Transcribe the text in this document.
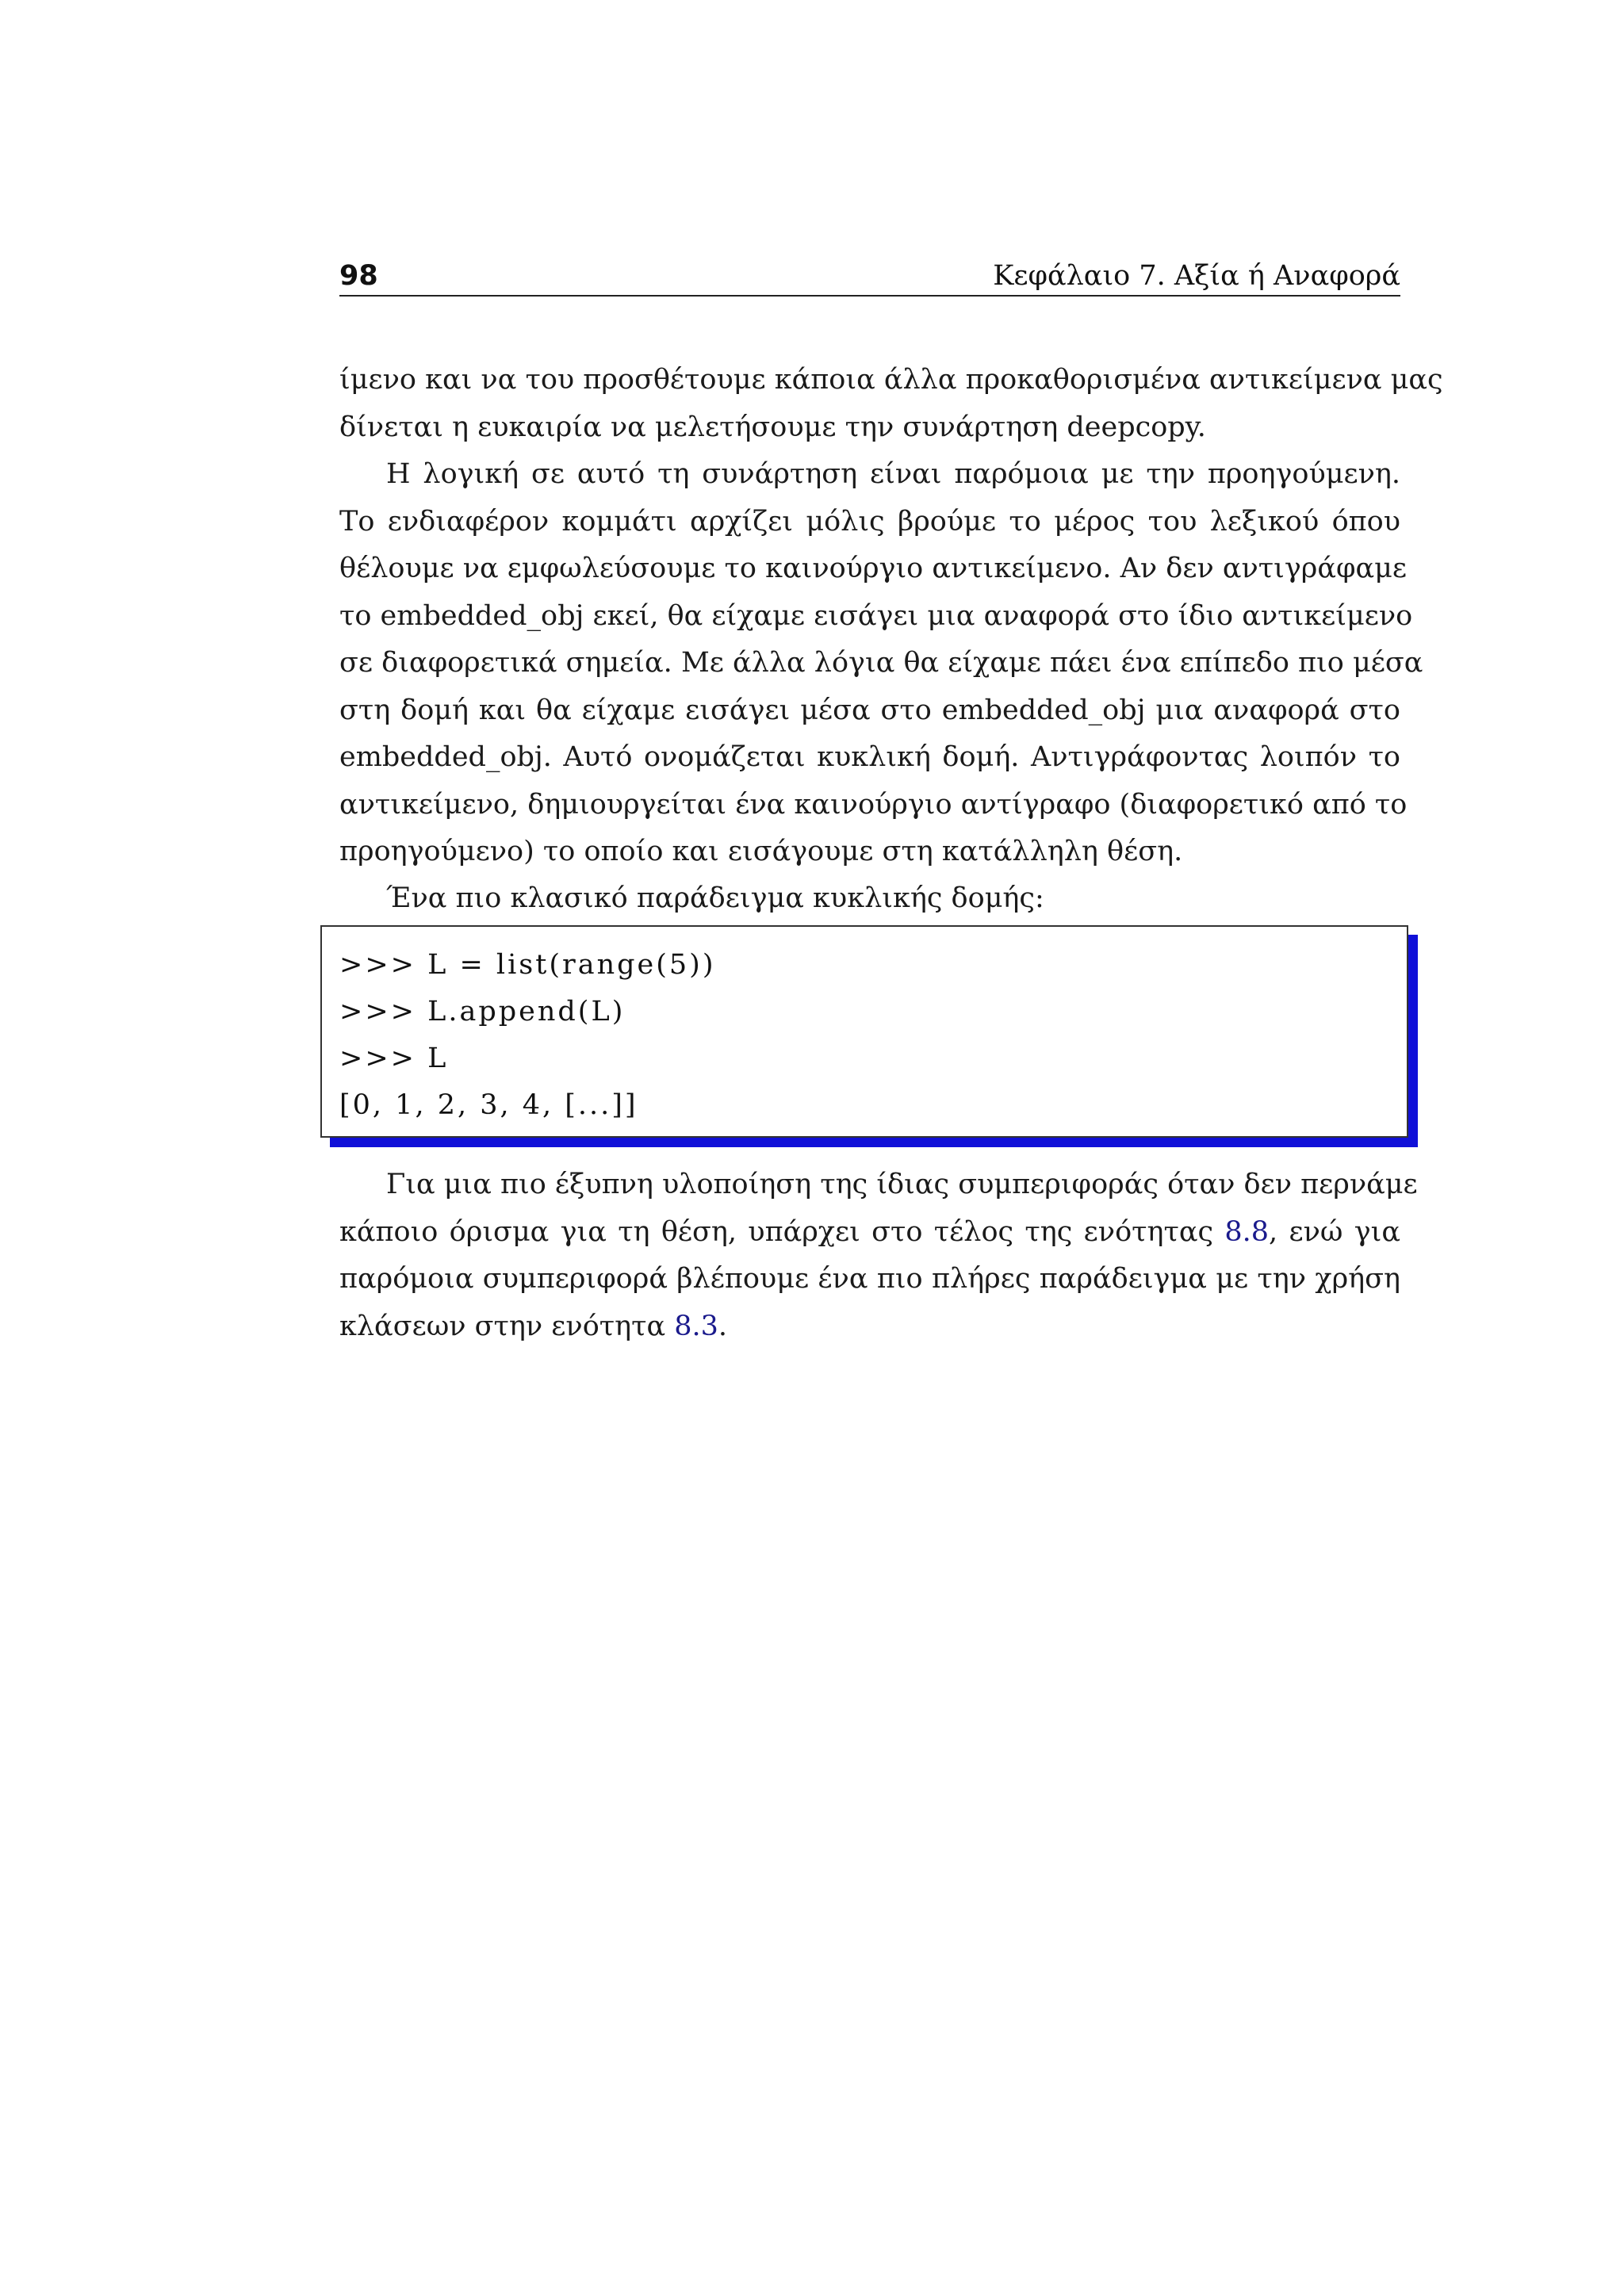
98	Κεφάλαιο 7. Αξία ή Αναφορά
ίμενο και να του προσθέτουμε κάποια άλλα προκαθορισμένα αντικείμενα μας
δίνεται η ευκαιρία να μελετήσουμε την συνάρτηση deepcopy.
Η λογική σε αυτό τη συνάρτηση είναι παρόμοια με την προηγούμενη.
Το ενδιαφέρον κομμάτι αρχίζει μόλις βρούμε το μέρος του λεξικού όπου
θέλουμε να εμφωλεύσουμε το καινούργιο αντικείμενο. Αν δεν αντιγράφαμε
το embedded_obj εκεί, θα είχαμε εισάγει μια αναφορά στο ίδιο αντικείμενο
σε διαφορετικά σημεία. Με άλλα λόγια θα είχαμε πάει ένα επίπεδο πιο μέσα
στη δομή και θα είχαμε εισάγει μέσα στο embedded_obj μια αναφορά στο
embedded_obj. Αυτό ονομάζεται κυκλική δομή. Αντιγράφοντας λοιπόν το
αντικείμενο, δημιουργείται ένα καινούργιο αντίγραφο (διαφορετικό από το
προηγούμενο) το οποίο και εισάγουμε στη κατάλληλη θέση.
Ένα πιο κλασικό παράδειγμα κυκλικής δομής:
>>> L = list(range(5))
>>> L.append(L)
>>> L
[0, 1, 2, 3, 4, [...]]
Για μια πιο έξυπνη υλοποίηση της ίδιας συμπεριφοράς όταν δεν περνάμε
κάποιο όρισμα για τη θέση, υπάρχει στο τέλος της ενότητας 8.8, ενώ για
παρόμοια συμπεριφορά βλέπουμε ένα πιο πλήρες παράδειγμα με την χρήση
κλάσεων στην ενότητα 8.3.
